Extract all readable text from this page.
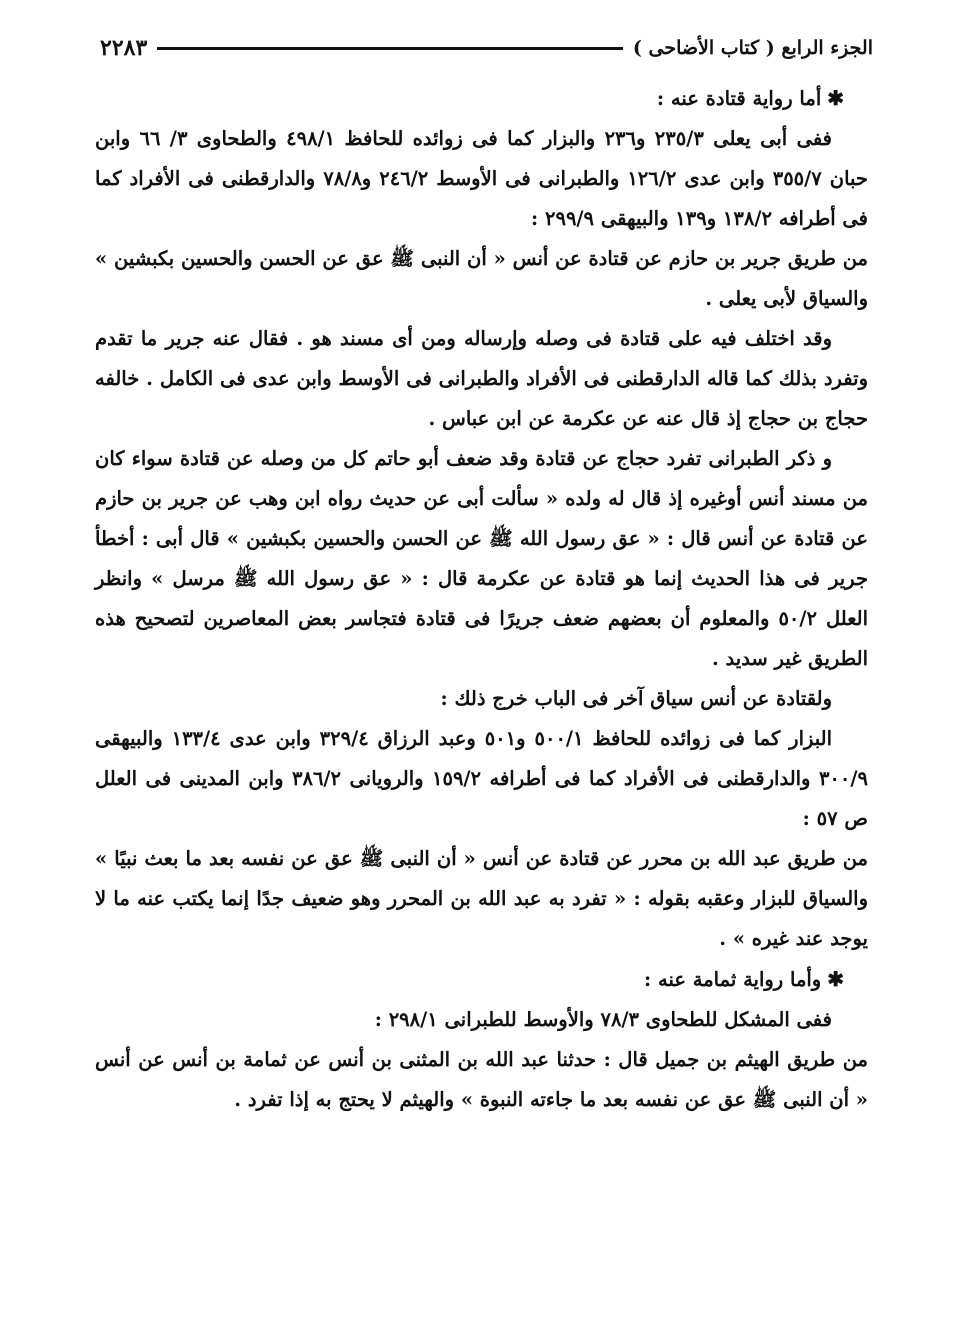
الجزء الرابع ( كتاب الأضاحى )
٢٢٨٣

✱أما رواية قتادة عنه :

ففى أبى يعلى ٢٣٥/٣ و٢٣٦ والبزار كما فى زوائده للحافظ ٤٩٨/١ والطحاوى ٣/ ٦٦ وابن حبان ٣٥٥/٧ وابن عدى ١٢٦/٢ والطبرانى فى الأوسط ٢٤٦/٢ و٧٨/٨ والدارقطنى فى الأفراد كما فى أطرافه ١٣٨/٢ و١٣٩ والبيهقى ٢٩٩/٩ :

من طريق جرير بن حازم عن قتادة عن أنس « أن النبى ﷺ عق عن الحسن والحسين بكبشين » والسياق لأبى يعلى .

وقد اختلف فيه على قتادة فى وصله وإرساله ومن أى مسند هو . فقال عنه جرير ما تقدم وتفرد بذلك كما قاله الدارقطنى فى الأفراد والطبرانى فى الأوسط وابن عدى فى الكامل . خالفه حجاج بن حجاج إذ قال عنه عن عكرمة عن ابن عباس .

و ذكر الطبرانى تفرد حجاج عن قتادة وقد ضعف أبو حاتم كل من وصله عن قتادة سواء كان من مسند أنس أوغيره إذ قال له ولده « سألت أبى عن حديث رواه ابن وهب عن جرير بن حازم عن قتادة عن أنس قال : « عق رسول الله ﷺ عن الحسن والحسين بكبشين » قال أبى : أخطأ جرير فى هذا الحديث إنما هو قتادة عن عكرمة قال : « عق رسول الله ﷺ مرسل » وانظر العلل ٥٠/٢ والمعلوم أن بعضهم ضعف جريرًا فى قتادة فتجاسر بعض المعاصرين لتصحيح هذه الطريق غير سديد .

ولقتادة عن أنس سياق آخر فى الباب خرج ذلك :

البزار كما فى زوائده للحافظ ٥٠٠/١ و٥٠١ وعبد الرزاق ٣٢٩/٤ وابن عدى ١٣٣/٤ والبيهقى ٣٠٠/٩ والدارقطنى فى الأفراد كما فى أطرافه ١٥٩/٢ والرويانى ٣٨٦/٢ وابن المدينى فى العلل ص ٥٧ :

من طريق عبد الله بن محرر عن قتادة عن أنس « أن النبى ﷺ عق عن نفسه بعد ما بعث نبيًا » والسياق للبزار وعقبه بقوله : « تفرد به عبد الله بن المحرر وهو ضعيف جدًا إنما يكتب عنه ما لا يوجد عند غيره » .

✱وأما رواية ثمامة عنه :

ففى المشكل للطحاوى ٧٨/٣ والأوسط للطبرانى ٢٩٨/١ :

من طريق الهيثم بن جميل قال : حدثنا عبد الله بن المثنى بن أنس عن ثمامة بن أنس عن أنس « أن النبى ﷺ عق عن نفسه بعد ما جاءته النبوة » والهيثم لا يحتج به إذا تفرد .
